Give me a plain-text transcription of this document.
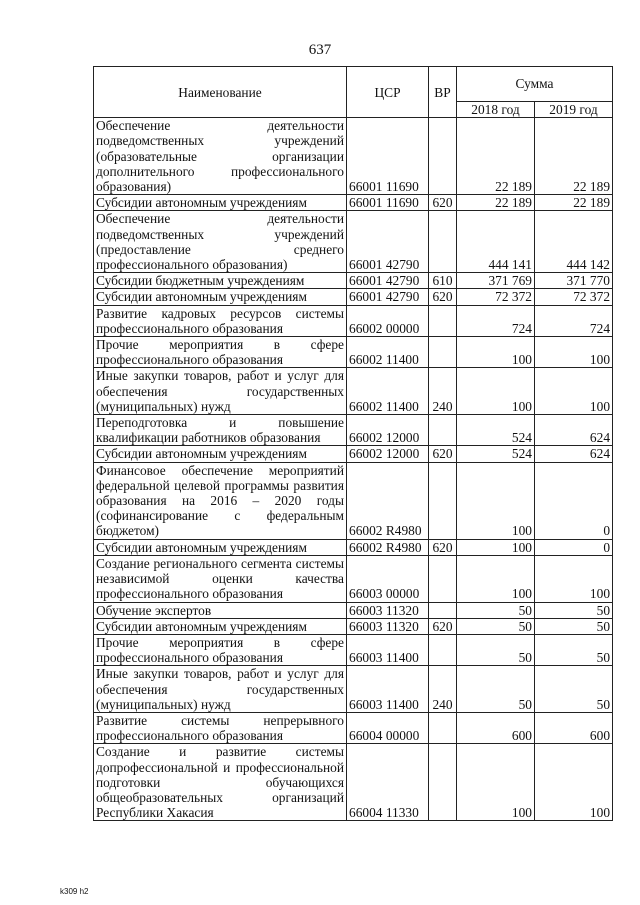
637
Наименование	ЦСР	ВР	Сумма	
			2018 год	2019 год
Обеспечение деятельности подведомственных учреждений (образовательные организации дополнительного профессионального образования)	66001 11690		22 189	22 189
Субсидии автономным учреждениям	66001 11690	620	22 189	22 189
Обеспечение деятельности подведомственных учреждений (предоставление среднего профессионального образования)	66001 42790		444 141	444 142
Субсидии бюджетным учреждениям	66001 42790	610	371 769	371 770
Субсидии автономным учреждениям	66001 42790	620	72 372	72 372
Развитие кадровых ресурсов системы профессионального образования	66002 00000		724	724
Прочие мероприятия в сфере профессионального образования	66002 11400		100	100
Иные закупки товаров, работ и услуг для обеспечения государственных (муниципальных) нужд	66002 11400	240	100	100
Переподготовка и повышение квалификации работников образования	66002 12000		524	624
Субсидии автономным учреждениям	66002 12000	620	524	624
Финансовое обеспечение мероприятий федеральной целевой программы развития образования на 2016 – 2020 годы (софинансирование с федеральным бюджетом)	66002 R4980		100	0
Субсидии автономным учреждениям	66002 R4980	620	100	0
Создание регионального сегмента системы независимой оценки качества профессионального образования	66003 00000		100	100
Обучение экспертов	66003 11320		50	50
Субсидии автономным учреждениям	66003 11320	620	50	50
Прочие мероприятия в сфере профессионального образования	66003 11400		50	50
Иные закупки товаров, работ и услуг для обеспечения государственных (муниципальных) нужд	66003 11400	240	50	50
Развитие системы непрерывного профессионального образования	66004 00000		600	600
Создание и развитие системы допрофессиональной и профессиональной подготовки обучающихся общеобразовательных организаций Республики Хакасия	66004 11330		100	100
k309 h2
